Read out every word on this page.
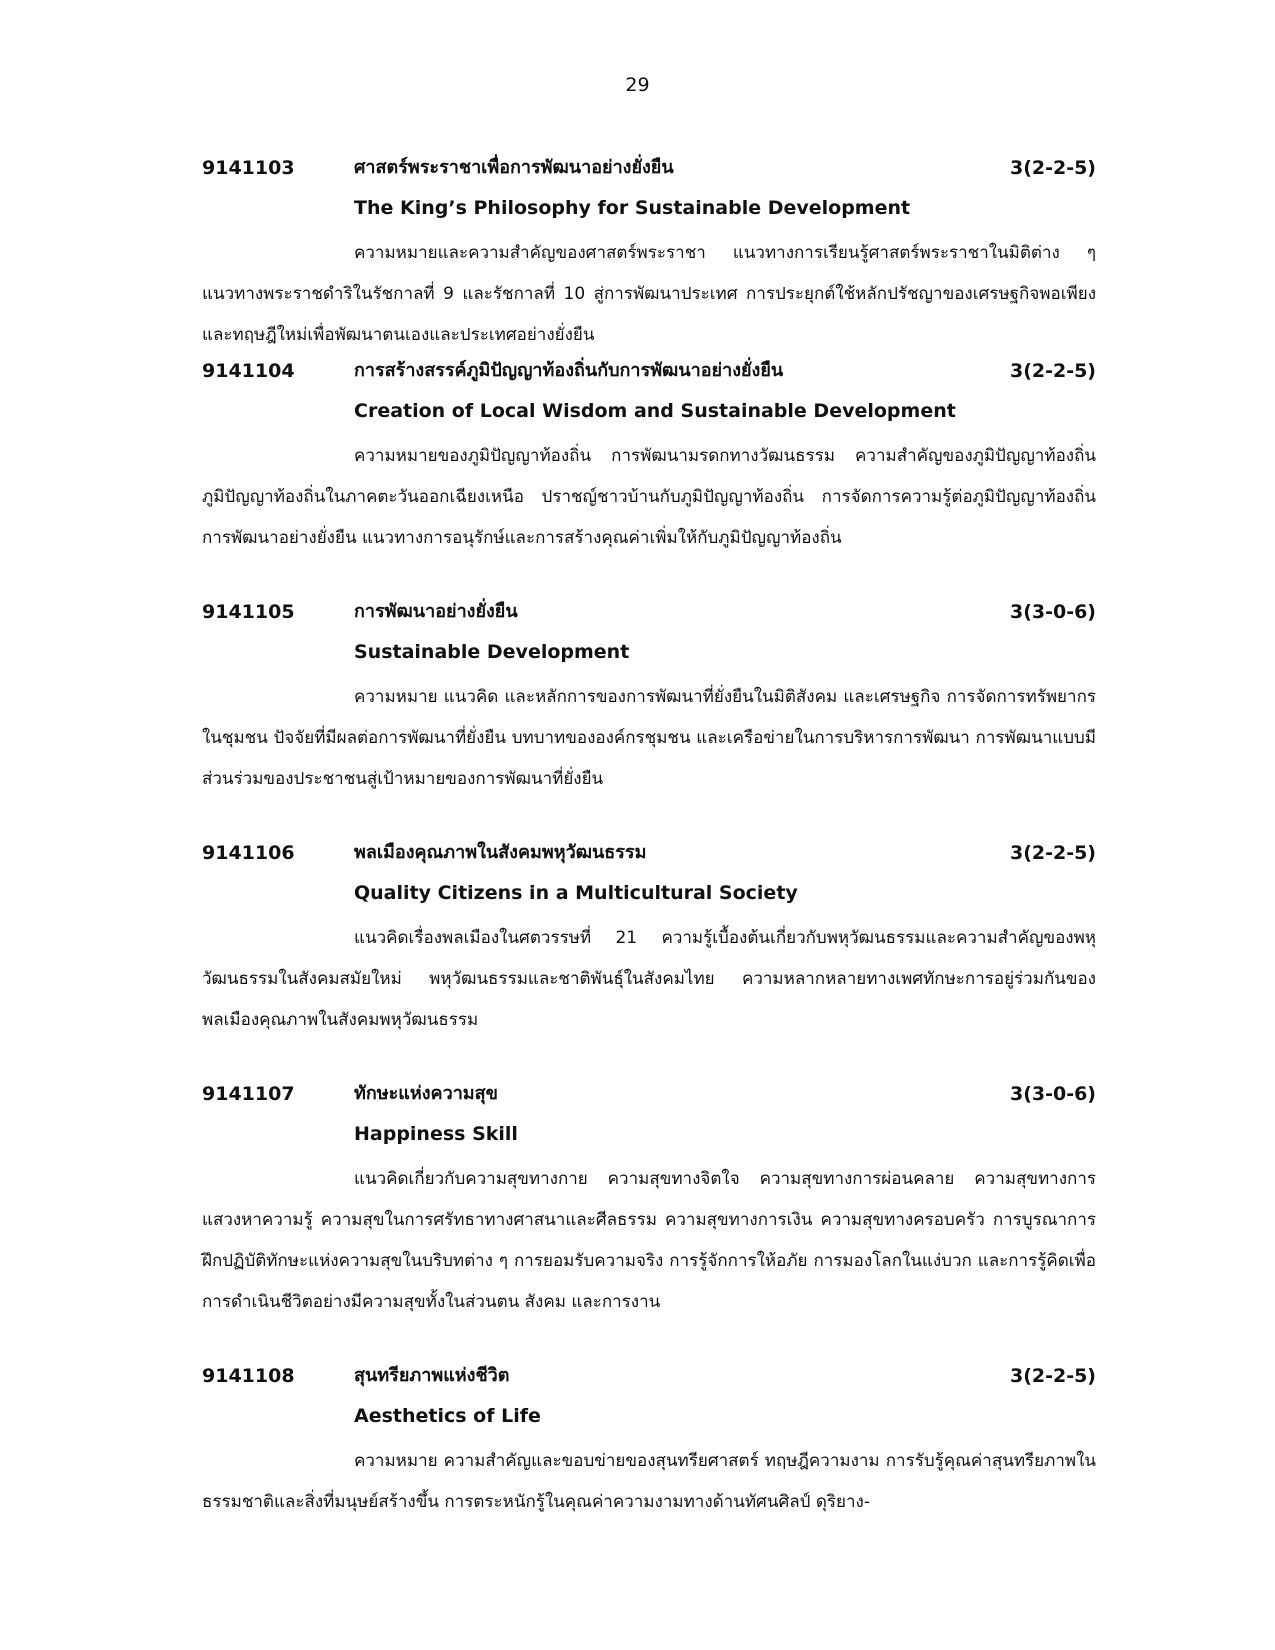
29
9141103	ศาสตร์พระราชาเพื่อการพัฒนาอย่างยั่งยืน	3(2-2-5)
The King’s Philosophy for Sustainable Development

ความหมายและความสำคัญของศาสตร์พระราชา แนวทางการเรียนรู้ศาสตร์พระราชาในมิติต่าง ๆ แนวทางพระราชดำริในรัชกาลที่ 9 และรัชกาลที่ 10 สู่การพัฒนาประเทศ การประยุกต์ใช้หลักปรัชญาของเศรษฐกิจพอเพียงและทฤษฎีใหม่เพื่อพัฒนาตนเองและประเทศอย่างยั่งยืน

9141104	การสร้างสรรค์ภูมิปัญญาท้องถิ่นกับการพัฒนาอย่างยั่งยืน	3(2-2-5)
Creation of Local Wisdom and Sustainable Development

ความหมายของภูมิปัญญาท้องถิ่น การพัฒนามรดกทางวัฒนธรรม ความสำคัญของภูมิปัญญาท้องถิ่น ภูมิปัญญาท้องถิ่นในภาคตะวันออกเฉียงเหนือ ปราชญ์ชาวบ้านกับภูมิปัญญาท้องถิ่น การจัดการความรู้ต่อภูมิปัญญาท้องถิ่น การพัฒนาอย่างยั่งยืน แนวทางการอนุรักษ์และการสร้างคุณค่าเพิ่มให้กับภูมิปัญญาท้องถิ่น

9141105	การพัฒนาอย่างยั่งยืน	3(3-0-6)
Sustainable Development

ความหมาย แนวคิด และหลักการของการพัฒนาที่ยั่งยืนในมิติสังคม และเศรษฐกิจ การจัดการทรัพยากรในชุมชน ปัจจัยที่มีผลต่อการพัฒนาที่ยั่งยืน บทบาทขององค์กรชุมชน และเครือข่ายในการบริหารการพัฒนา การพัฒนาแบบมีส่วนร่วมของประชาชนสู่เป้าหมายของการพัฒนาที่ยั่งยืน

9141106	พลเมืองคุณภาพในสังคมพหุวัฒนธรรม	3(2-2-5)
Quality Citizens in a Multicultural Society

แนวคิดเรื่องพลเมืองในศตวรรษที่ 21 ความรู้เบื้องต้นเกี่ยวกับพหุวัฒนธรรมและความสำคัญของพหุวัฒนธรรมในสังคมสมัยใหม่ พหุวัฒนธรรมและชาติพันธุ์ในสังคมไทย ความหลากหลายทางเพศทักษะการอยู่ร่วมกันของพลเมืองคุณภาพในสังคมพหุวัฒนธรรม

9141107	ทักษะแห่งความสุข	3(3-0-6)
Happiness Skill

แนวคิดเกี่ยวกับความสุขทางกาย ความสุขทางจิตใจ ความสุขทางการผ่อนคลาย ความสุขทางการแสวงหาความรู้ ความสุขในการศรัทธาทางศาสนาและศีลธรรม ความสุขทางการเงิน ความสุขทางครอบครัว การบูรณาการฝึกปฏิบัติทักษะแห่งความสุขในบริบทต่าง ๆ การยอมรับความจริง การรู้จักการให้อภัย การมองโลกในแง่บวก และการรู้คิดเพื่อการดำเนินชีวิตอย่างมีความสุขทั้งในส่วนตน สังคม และการงาน

9141108	สุนทรียภาพแห่งชีวิต	3(2-2-5)
Aesthetics of Life

ความหมาย ความสำคัญและขอบข่ายของสุนทรียศาสตร์ ทฤษฎีความงาม การรับรู้คุณค่าสุนทรียภาพในธรรมชาติและสิ่งที่มนุษย์สร้างขึ้น การตระหนักรู้ในคุณค่าความงามทางด้านทัศนศิลป์ ดุริยาง-
